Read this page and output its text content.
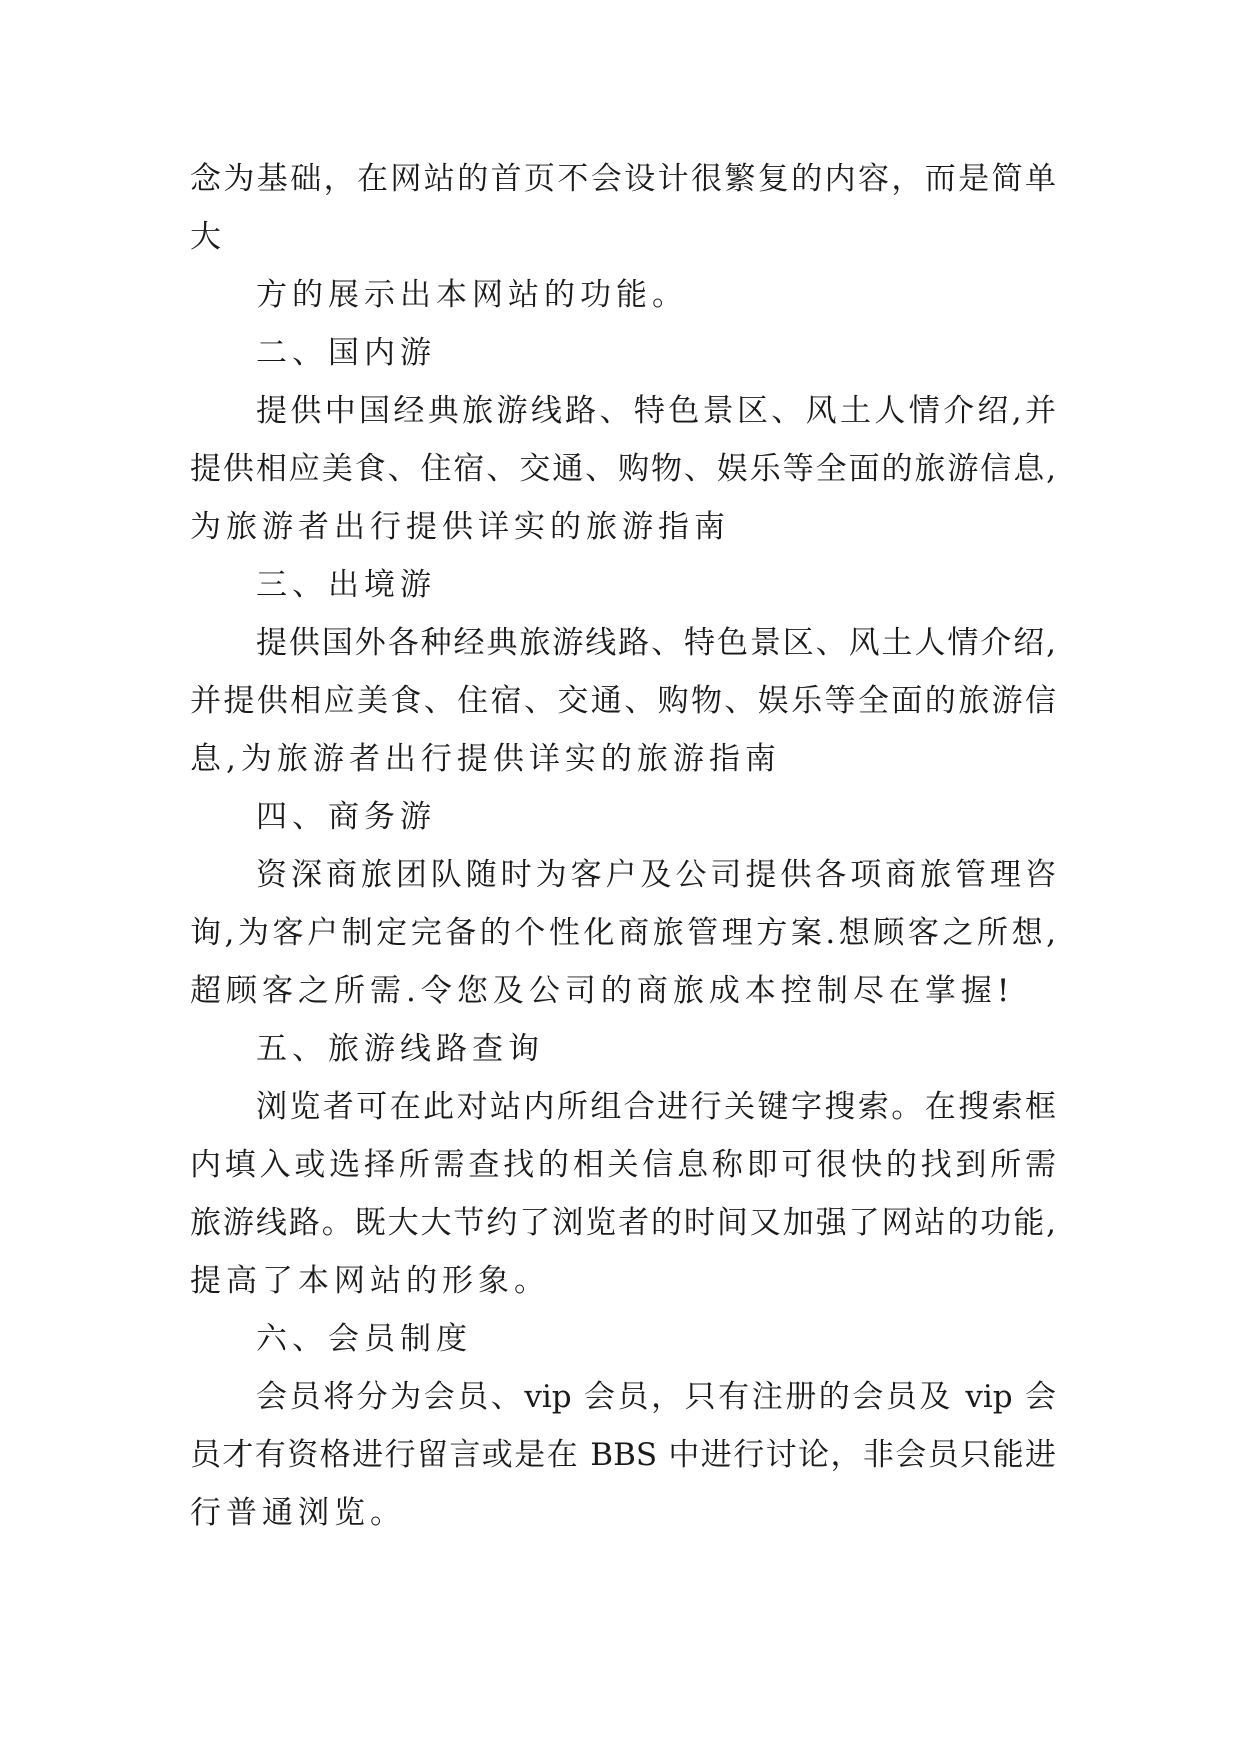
念为基础，在网站的首页不会设计很繁复的内容，而是简单
大
方的展示出本网站的功能。
二、国内游
提供中国经典旅游线路、特色景区、风土人情介绍,并
提供相应美食、住宿、交通、购物、娱乐等全面的旅游信息,
为旅游者出行提供详实的旅游指南
三、出境游
提供国外各种经典旅游线路、特色景区、风土人情介绍,
并提供相应美食、住宿、交通、购物、娱乐等全面的旅游信
息,为旅游者出行提供详实的旅游指南
四、商务游
资深商旅团队随时为客户及公司提供各项商旅管理咨
询,为客户制定完备的个性化商旅管理方案.想顾客之所想,
超顾客之所需.令您及公司的商旅成本控制尽在掌握!
五、旅游线路查询
浏览者可在此对站内所组合进行关键字搜索。在搜索框
内填入或选择所需查找的相关信息称即可很快的找到所需
旅游线路。既大大节约了浏览者的时间又加强了网站的功能,
提高了本网站的形象。
六、会员制度
会员将分为会员、vip 会员，只有注册的会员及 vip 会
员才有资格进行留言或是在 BBS 中进行讨论，非会员只能进
行普通浏览。
